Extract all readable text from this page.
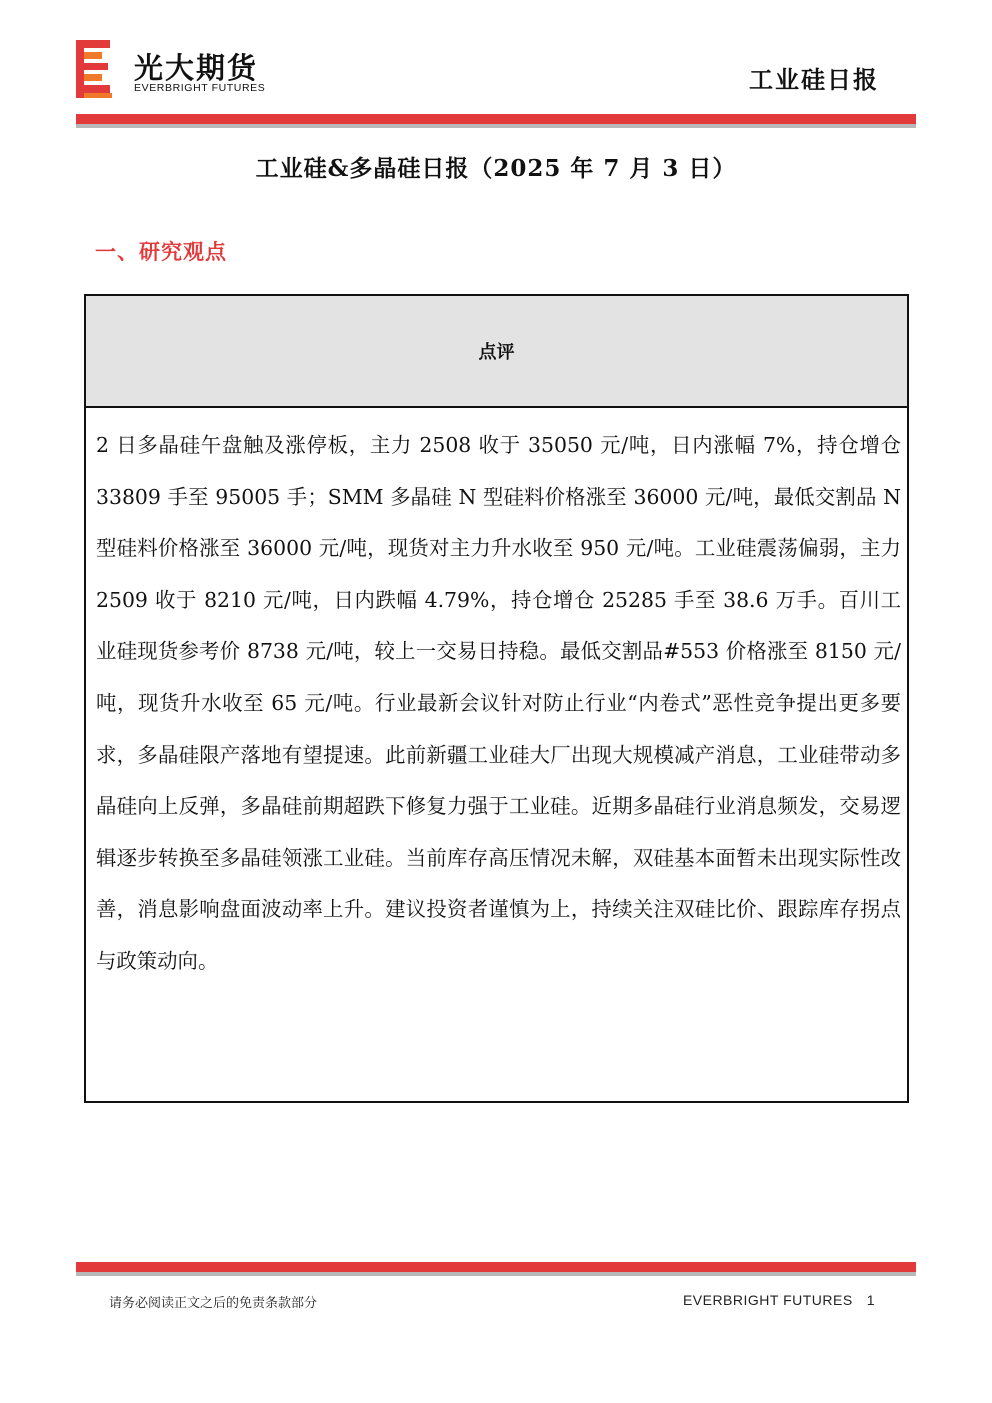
光大期货
EVERBRIGHT FUTURES	工业硅日报
工业硅&多晶硅日报（2025 年 7 月 3 日）
一、研究观点
点评
2 日多晶硅午盘触及涨停板，主力 2508 收于 35050 元/吨，日内涨幅 7%，持仓增仓 33809 手至 95005 手；SMM 多晶硅 N 型硅料价格涨至 36000 元/吨，最低交割品 N 型硅料价格涨至 36000 元/吨，现货对主力升水收至 950 元/吨。工业硅震荡偏弱，主力 2509 收于 8210 元/吨，日内跌幅 4.79%，持仓增仓 25285 手至 38.6 万手。百川工业硅现货参考价 8738 元/吨，较上一交易日持稳。最低交割品#553 价格涨至 8150 元/吨，现货升水收至 65 元/吨。行业最新会议针对防止行业“内卷式”恶性竞争提出更多要求，多晶硅限产落地有望提速。此前新疆工业硅大厂出现大规模减产消息，工业硅带动多晶硅向上反弹，多晶硅前期超跌下修复力强于工业硅。近期多晶硅行业消息频发，交易逻辑逐步转换至多晶硅领涨工业硅。当前库存高压情况未解，双硅基本面暂未出现实际性改善，消息影响盘面波动率上升。建议投资者谨慎为上，持续关注双硅比价、跟踪库存拐点与政策动向。
请务必阅读正文之后的免责条款部分	EVERBRIGHT FUTURES 1
